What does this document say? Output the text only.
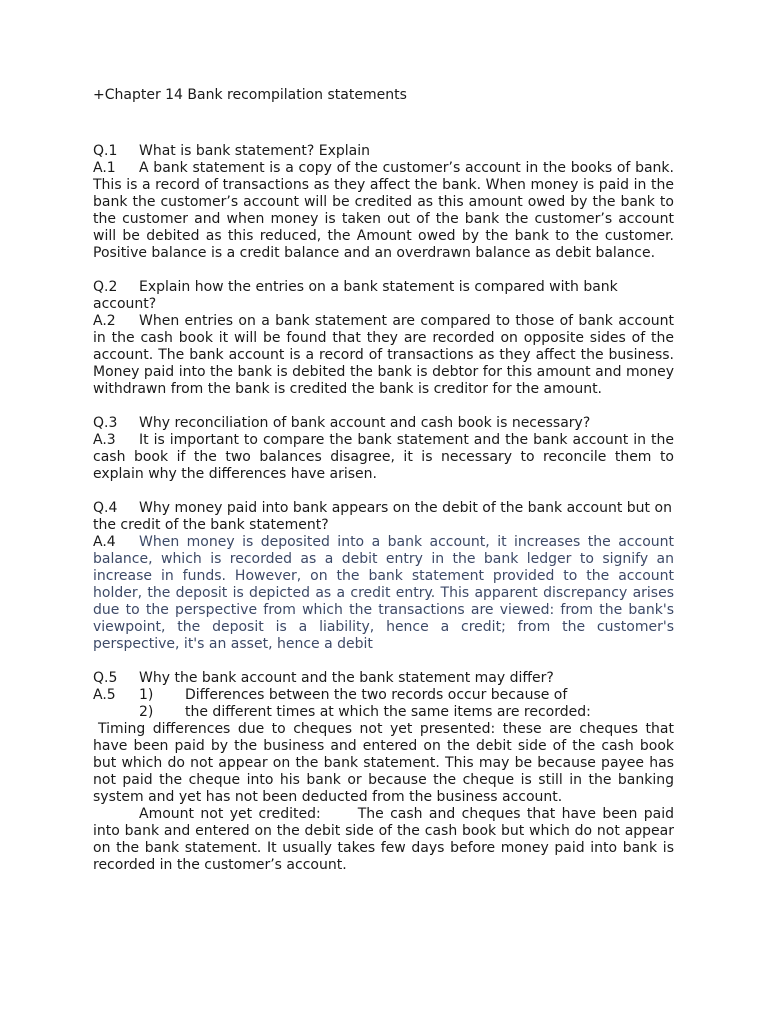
+Chapter 14 Bank recompilation statements

Q.1 What is bank statement? Explain

A.1 A bank statement is a copy of the customer’s account in the books of bank. This is a record of transactions as they affect the bank. When money is paid in the bank the customer’s account will be credited as this amount owed by the bank to the customer and when money is taken out of the bank the customer’s account will be debited as this reduced, the Amount owed by the bank to the customer. Positive balance is a credit balance and an overdrawn balance as debit balance.

Q.2 Explain how the entries on a bank statement is compared with bank account?

A.2 When entries on a bank statement are compared to those of bank account in the cash book it will be found that they are recorded on opposite sides of the account. The bank account is a record of transactions as they affect the business. Money paid into the bank is debited the bank is debtor for this amount and money withdrawn from the bank is credited the bank is creditor for the amount.

Q.3 Why reconciliation of bank account and cash book is necessary?

A.3 It is important to compare the bank statement and the bank account in the cash book if the two balances disagree, it is necessary to reconcile them to explain why the differences have arisen.

Q.4 Why money paid into bank appears on the debit of the bank account but on the credit of the bank statement?

A.4 When money is deposited into a bank account, it increases the account balance, which is recorded as a debit entry in the bank ledger to signify an increase in funds. However, on the bank statement provided to the account holder, the deposit is depicted as a credit entry. This apparent discrepancy arises due to the perspective from which the transactions are viewed: from the bank's viewpoint, the deposit is a liability, hence a credit; from the customer's perspective, it's an asset, hence a debit

Q.5 Why the bank account and the bank statement may differ?

A.5 1) Differences between the two records occur because of

2) the different times at which the same items are recorded:

Timing differences due to cheques not yet presented: these are cheques that have been paid by the business and entered on the debit side of the cash book but which do not appear on the bank statement. This may be because payee has not paid the cheque into his bank or because the cheque is still in the banking system and yet has not been deducted from the business account.

Amount not yet credited:	The cash and cheques that have been paid into bank and entered on the debit side of the cash book but which do not appear on the bank statement. It usually takes few days before money paid into bank is recorded in the customer’s account.
